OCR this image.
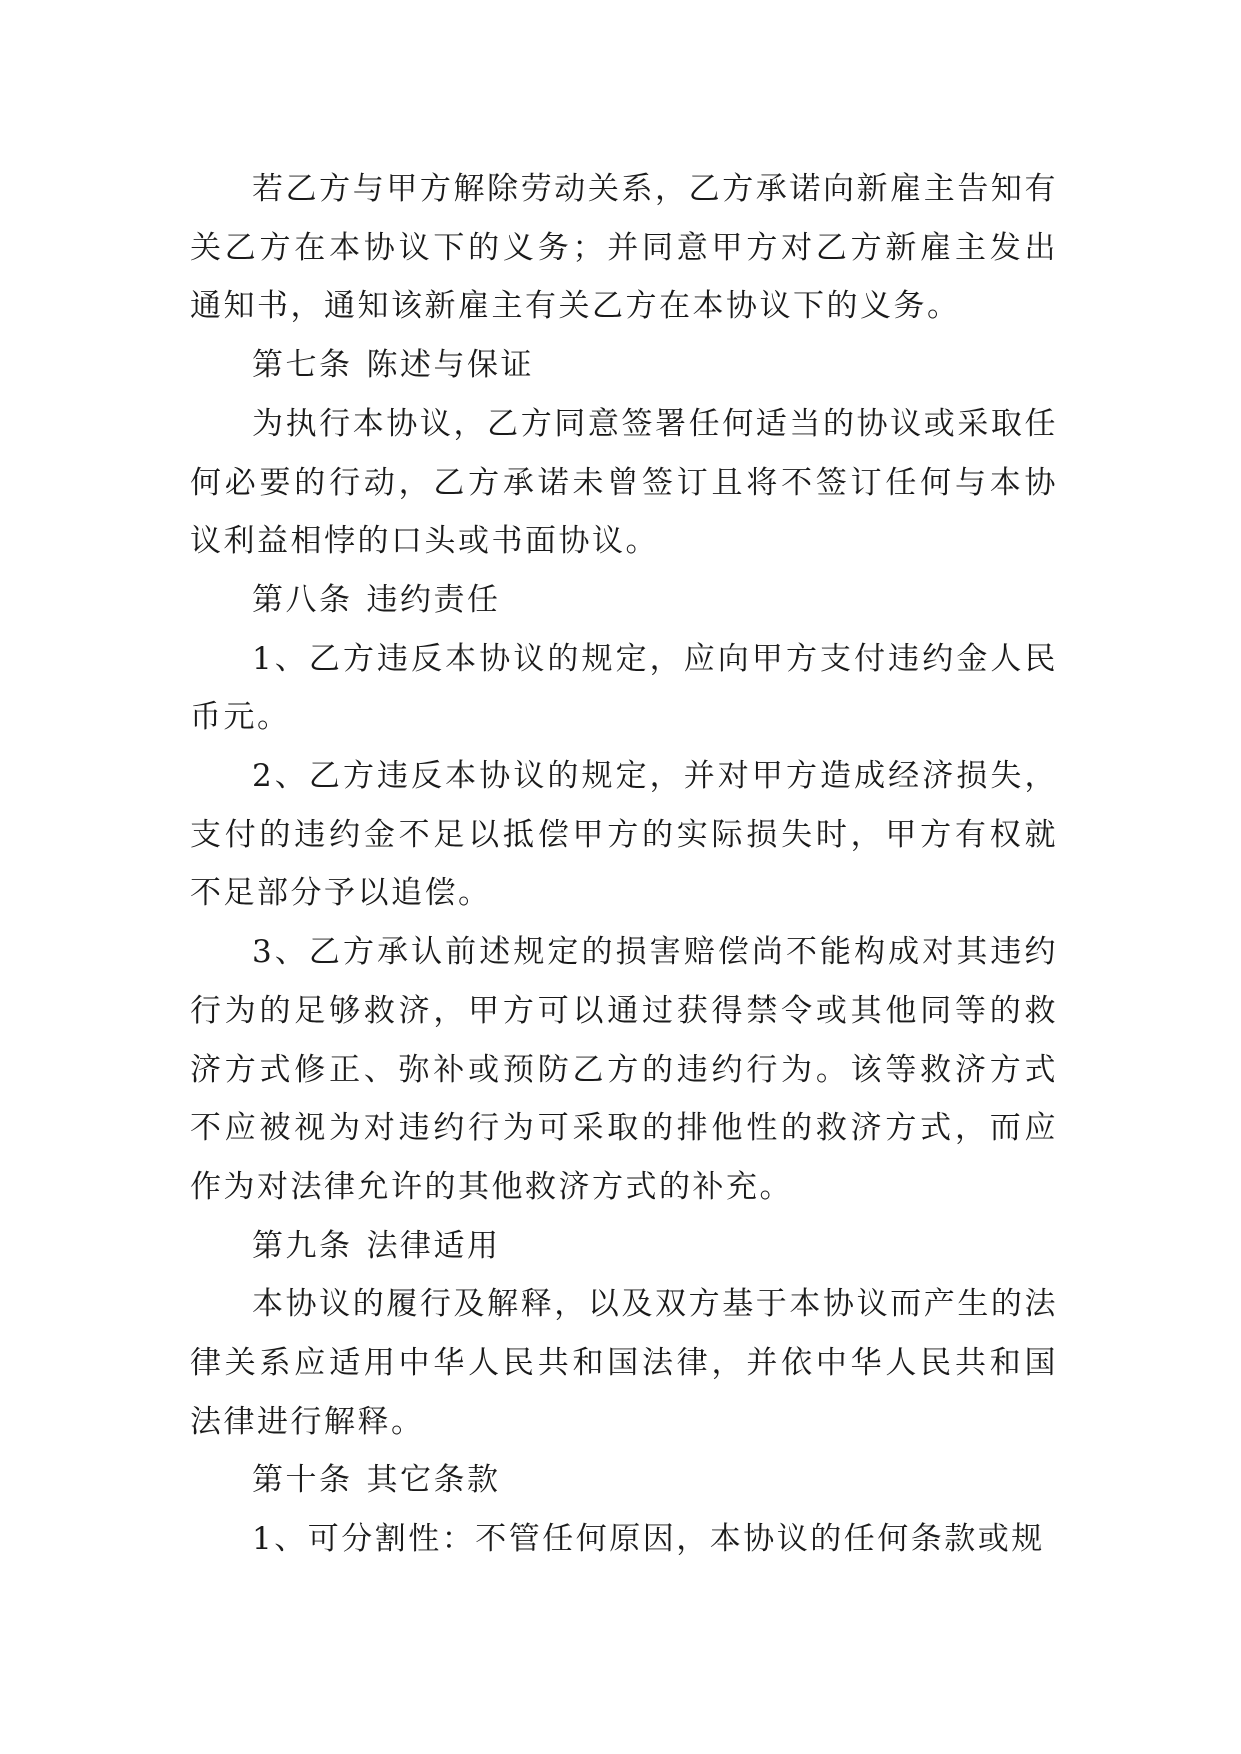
若乙方与甲方解除劳动关系，乙方承诺向新雇主告知有关乙方在本协议下的义务；并同意甲方对乙方新雇主发出通知书，通知该新雇主有关乙方在本协议下的义务。

第七条 陈述与保证

为执行本协议，乙方同意签署任何适当的协议或采取任何必要的行动，乙方承诺未曾签订且将不签订任何与本协议利益相悖的口头或书面协议。

第八条 违约责任

1、乙方违反本协议的规定，应向甲方支付违约金人民币元。

2、乙方违反本协议的规定，并对甲方造成经济损失，支付的违约金不足以抵偿甲方的实际损失时，甲方有权就不足部分予以追偿。

3、乙方承认前述规定的损害赔偿尚不能构成对其违约行为的足够救济，甲方可以通过获得禁令或其他同等的救济方式修正、弥补或预防乙方的违约行为。该等救济方式不应被视为对违约行为可采取的排他性的救济方式，而应作为对法律允许的其他救济方式的补充。

第九条 法律适用

本协议的履行及解释，以及双方基于本协议而产生的法律关系应适用中华人民共和国法律，并依中华人民共和国法律进行解释。

第十条 其它条款

1、可分割性：不管任何原因，本协议的任何条款或规
